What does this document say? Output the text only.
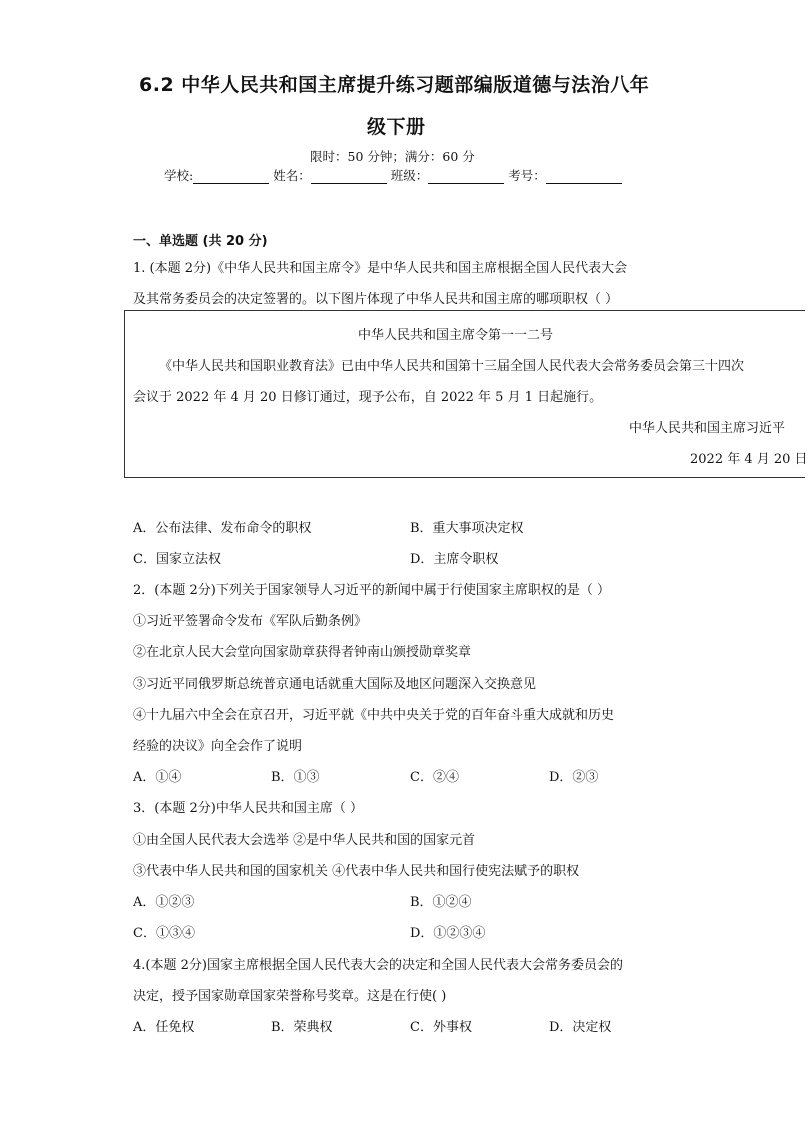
6.2 中华人民共和国主席提升练习题部编版道德与法治八年
级下册
限时：50 分钟；满分：60 分
学校:	姓名：	班级：	考号：
一、单选题 (共 20 分)
1. (本题 2分)《中华人民共和国主席令》是中华人民共和国主席根据全国人民代表大会
及其常务委员会的决定签署的。以下图片体现了中华人民共和国主席的哪项职权（ ）
中华人民共和国主席令第一一二号
《中华人民共和国职业教育法》已由中华人民共和国第十三届全国人民代表大会常务委员会第三十四次
会议于 2022 年 4 月 20 日修订通过，现予公布，自 2022 年 5 月 1 日起施行。
中华人民共和国主席习近平
2022 年 4 月 20 日
A．公布法律、发布命令的职权	B．重大事项决定权
C．国家立法权	D．主席令职权
2．(本题 2分)下列关于国家领导人习近平的新闻中属于行使国家主席职权的是（ ）
①习近平签署命令发布《军队后勤条例》
②在北京人民大会堂向国家勋章获得者钟南山颁授勋章奖章
③习近平同俄罗斯总统普京通电话就重大国际及地区问题深入交换意见
④十九届六中全会在京召开，习近平就《中共中央关于党的百年奋斗重大成就和历史
经验的决议》向全会作了说明
A．①④	B．①③	C．②④	D．②③
3．(本题 2分)中华人民共和国主席（ ）
①由全国人民代表大会选举 ②是中华人民共和国的国家元首
③代表中华人民共和国的国家机关 ④代表中华人民共和国行使宪法赋予的职权
A．①②③	B．①②④
C．①③④	D．①②③④
4.(本题 2分)国家主席根据全国人民代表大会的决定和全国人民代表大会常务委员会的
决定，授予国家勋章国家荣誉称号奖章。这是在行使( )
A．任免权	B．荣典权	C．外事权	D．决定权
